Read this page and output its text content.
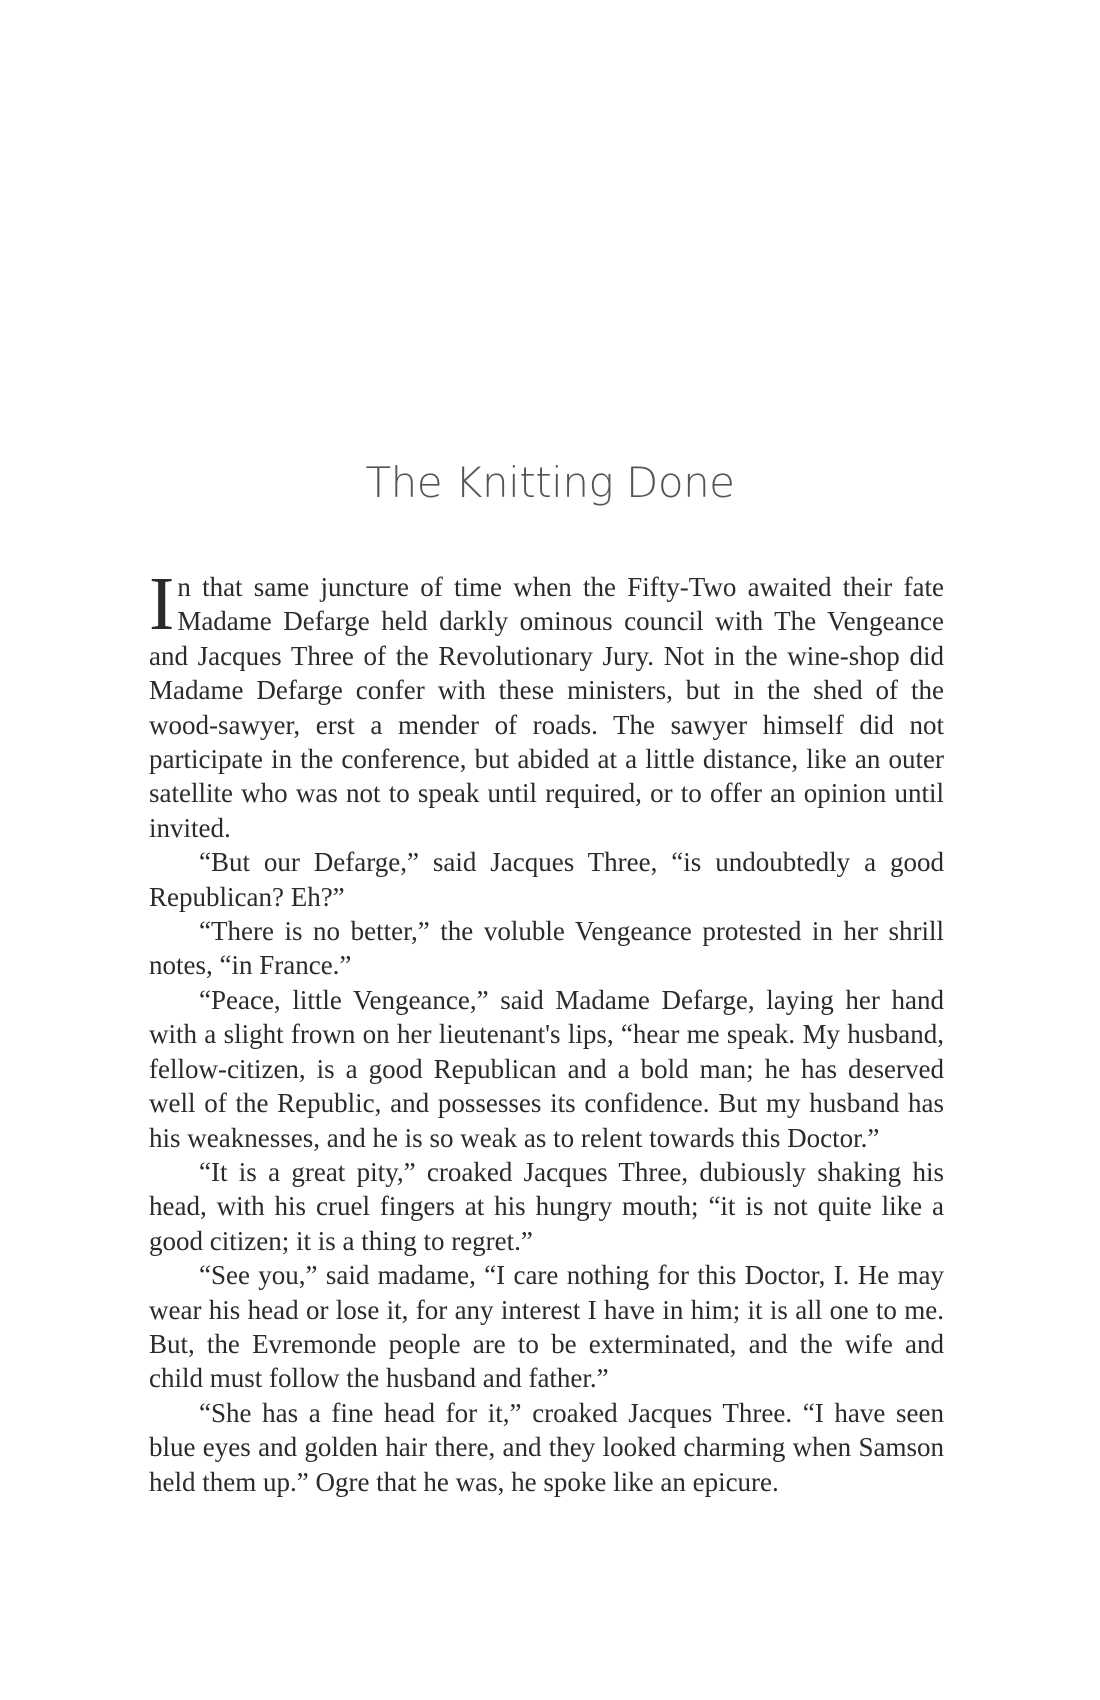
The Knitting Done

In that same juncture of time when the Fifty-Two awaited their fate Madame Defarge held darkly ominous council with The Vengeance and Jacques Three of the Revolutionary Jury. Not in the wine-shop did Madame Defarge confer with these ministers, but in the shed of the wood-sawyer, erst a mender of roads. The sawyer himself did not participate in the conference, but abided at a little distance, like an outer satellite who was not to speak until required, or to offer an opinion until invited.

“But our Defarge,” said Jacques Three, “is undoubtedly a good Republican? Eh?”

“There is no better,” the voluble Vengeance protested in her shrill notes, “in France.”

“Peace, little Vengeance,” said Madame Defarge, laying her hand with a slight frown on her lieutenant's lips, “hear me speak. My husband, fellow-citizen, is a good Republican and a bold man; he has deserved well of the Republic, and possesses its confidence. But my husband has his weaknesses, and he is so weak as to relent towards this Doctor.”

“It is a great pity,” croaked Jacques Three, dubiously shaking his head, with his cruel fingers at his hungry mouth; “it is not quite like a good citizen; it is a thing to regret.”

“See you,” said madame, “I care nothing for this Doctor, I. He may wear his head or lose it, for any interest I have in him; it is all one to me. But, the Evremonde people are to be exterminated, and the wife and child must follow the husband and father.”

“She has a fine head for it,” croaked Jacques Three. “I have seen blue eyes and golden hair there, and they looked charming when Samson held them up.” Ogre that he was, he spoke like an epicure.
